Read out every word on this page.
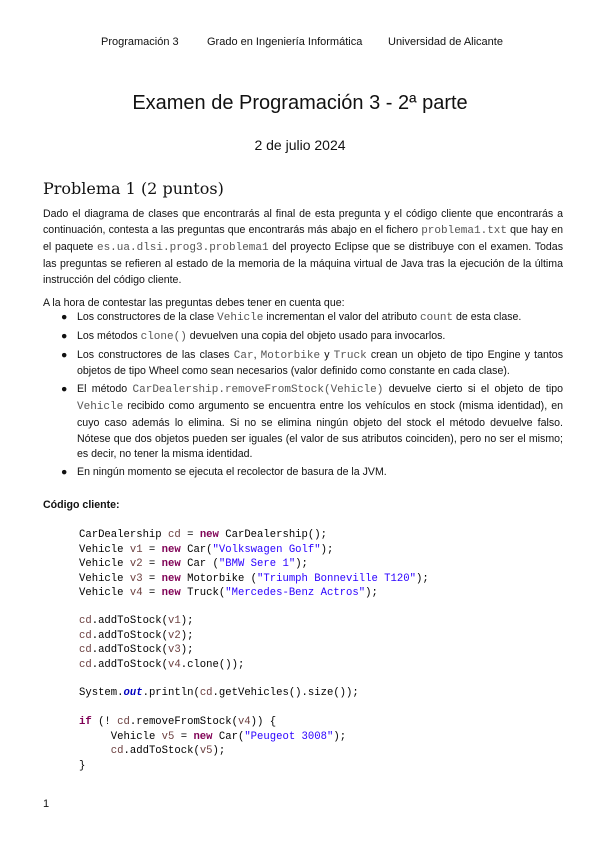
Programación 3	Grado en Ingeniería Informática Universidad de Alicante
Examen de Programación 3 - 2ª parte
2 de julio 2024
Problema 1 (2 puntos)
Dado el diagrama de clases que encontrarás al final de esta pregunta y el código cliente que encontrarás a continuación, contesta a las preguntas que encontrarás más abajo en el fichero problema1.txt que hay en el paquete es.ua.dlsi.prog3.problema1 del proyecto Eclipse que se distribuye con el examen. Todas las preguntas se refieren al estado de la memoria de la máquina virtual de Java tras la ejecución de la última instrucción del código cliente.
A la hora de contestar las preguntas debes tener en cuenta que:
● Los constructores de la clase Vehicle incrementan el valor del atributo count de esta clase.
● Los métodos clone() devuelven una copia del objeto usado para invocarlos.
● Los constructores de las clases Car, Motorbike y Truck crean un objeto de tipo Engine y tantos objetos de tipo Wheel como sean necesarios (valor definido como constante en cada clase).
● El método CarDealership.removeFromStock(Vehicle) devuelve cierto si el objeto de tipo Vehicle recibido como argumento se encuentra entre los vehículos en stock (misma identidad), en cuyo caso además lo elimina. Si no se elimina ningún objeto del stock el método devuelve falso. Nótese que dos objetos pueden ser iguales (el valor de sus atributos coinciden), pero no ser el mismo; es decir, no tener la misma identidad.
● En ningún momento se ejecuta el recolector de basura de la JVM.
Código cliente:
CarDealership cd = new CarDealership();
Vehicle v1 = new Car("Volkswagen Golf");
Vehicle v2 = new Car ("BMW Sere 1");
Vehicle v3 = new Motorbike ("Triumph Bonneville T120");
Vehicle v4 = new Truck("Mercedes-Benz Actros");
cd.addToStock(v1);
cd.addToStock(v2);
cd.addToStock(v3);
cd.addToStock(v4.clone());
System.out.println(cd.getVehicles().size());
if (! cd.removeFromStock(v4)) {
Vehicle v5 = new Car("Peugeot 3008");
cd.addToStock(v5);
}
1
